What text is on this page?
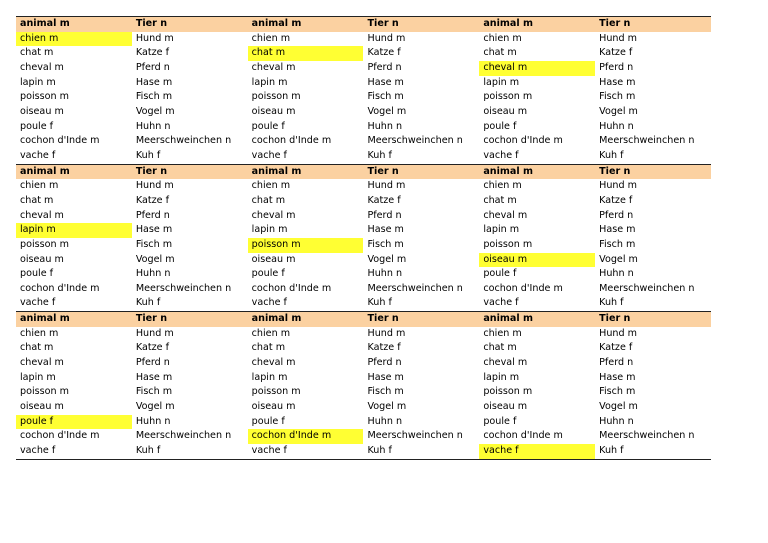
animal m	Tier n	animal m	Tier n	animal m	Tier n
chien m	Hund m	chien m	Hund m	chien m	Hund m
chat m	Katze f	chat m	Katze f	chat m	Katze f
cheval m	Pferd n	cheval m	Pferd n	cheval m	Pferd n
lapin m	Hase m	lapin m	Hase m	lapin m	Hase m
poisson m	Fisch m	poisson m	Fisch m	poisson m	Fisch m
oiseau m	Vogel m	oiseau m	Vogel m	oiseau m	Vogel m
poule f	Huhn n	poule f	Huhn n	poule f	Huhn n
cochon d'Inde m	Meerschweinchen n	cochon d'Inde m	Meerschweinchen n	cochon d'Inde m	Meerschweinchen n
vache f	Kuh f	vache f	Kuh f	vache f	Kuh f
animal m	Tier n	animal m	Tier n	animal m	Tier n
chien m	Hund m	chien m	Hund m	chien m	Hund m
chat m	Katze f	chat m	Katze f	chat m	Katze f
cheval m	Pferd n	cheval m	Pferd n	cheval m	Pferd n
lapin m	Hase m	lapin m	Hase m	lapin m	Hase m
poisson m	Fisch m	poisson m	Fisch m	poisson m	Fisch m
oiseau m	Vogel m	oiseau m	Vogel m	oiseau m	Vogel m
poule f	Huhn n	poule f	Huhn n	poule f	Huhn n
cochon d'Inde m	Meerschweinchen n	cochon d'Inde m	Meerschweinchen n	cochon d'Inde m	Meerschweinchen n
vache f	Kuh f	vache f	Kuh f	vache f	Kuh f
animal m	Tier n	animal m	Tier n	animal m	Tier n
chien m	Hund m	chien m	Hund m	chien m	Hund m
chat m	Katze f	chat m	Katze f	chat m	Katze f
cheval m	Pferd n	cheval m	Pferd n	cheval m	Pferd n
lapin m	Hase m	lapin m	Hase m	lapin m	Hase m
poisson m	Fisch m	poisson m	Fisch m	poisson m	Fisch m
oiseau m	Vogel m	oiseau m	Vogel m	oiseau m	Vogel m
poule f	Huhn n	poule f	Huhn n	poule f	Huhn n
cochon d'Inde m	Meerschweinchen n	cochon d'Inde m	Meerschweinchen n	cochon d'Inde m	Meerschweinchen n
vache f	Kuh f	vache f	Kuh f	vache f	Kuh f
